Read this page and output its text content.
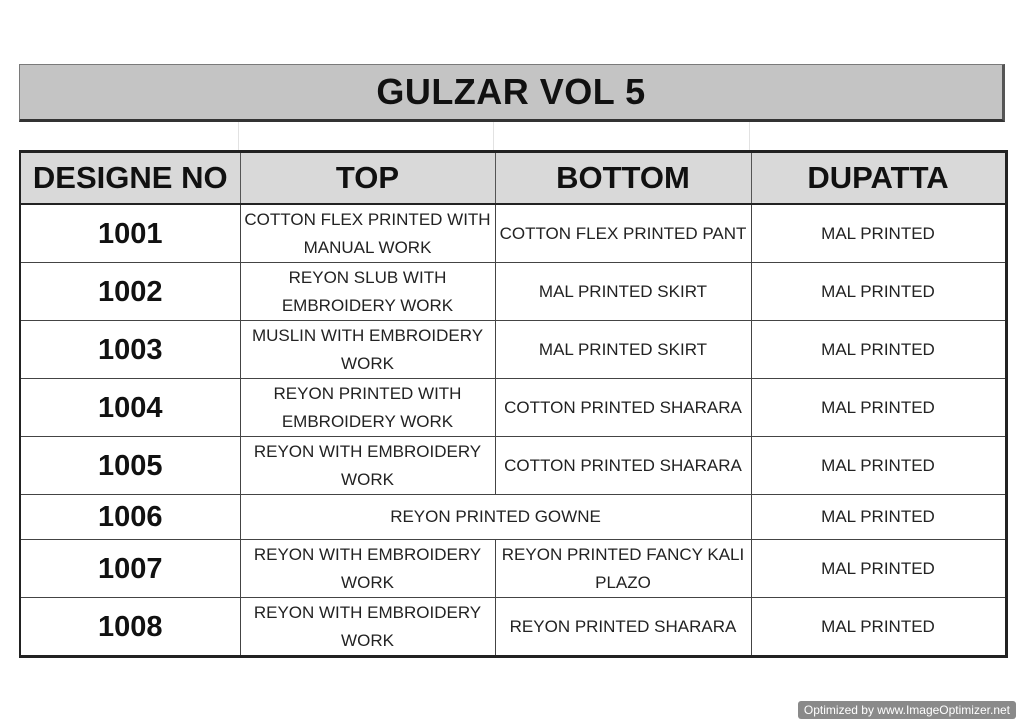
GULZAR VOL 5
DESIGNE NO	TOP	BOTTOM	DUPATTA
1001	COTTON FLEX PRINTED WITH MANUAL WORK	COTTON FLEX PRINTED PANT	MAL PRINTED
1002	REYON SLUB WITH EMBROIDERY WORK	MAL PRINTED SKIRT	MAL PRINTED
1003	MUSLIN WITH EMBROIDERY WORK	MAL PRINTED SKIRT	MAL PRINTED
1004	REYON PRINTED WITH EMBROIDERY WORK	COTTON PRINTED SHARARA	MAL PRINTED
1005	REYON WITH EMBROIDERY WORK	COTTON PRINTED SHARARA	MAL PRINTED
1006	REYON PRINTED GOWNE		MAL PRINTED
1007	REYON WITH EMBROIDERY WORK	REYON PRINTED FANCY KALI PLAZO	MAL PRINTED
1008	REYON WITH EMBROIDERY WORK	REYON PRINTED SHARARA	MAL PRINTED
Optimized by www.ImageOptimizer.net
